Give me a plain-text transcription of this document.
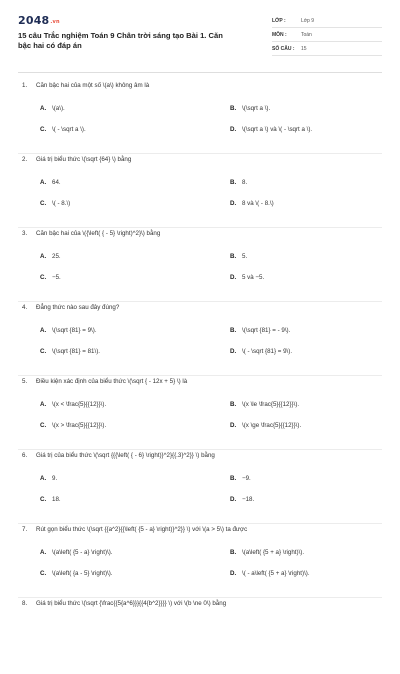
2048.vn
15 câu Trắc nghiệm Toán 9 Chân trời sáng tạo Bài 1. Căn bậc hai có đáp án
LỚP :	Lớp 9
MÔN :	Toán
SỐ CÂU : 15
1. Căn bậc hai của một số \(a\) không âm là
A. \(a\).	B. \(\sqrt a \).
C. \( - \sqrt a \).	D. \(\sqrt a \) và \( - \sqrt a \).
2. Giá trị biểu thức \(\sqrt {64} \) bằng
A. 64.	B. 8.
C. \( - 8.\)	D. 8 và \( - 8.\)
3. Căn bậc hai của \({\left( { - 5} \right)^2}\) bằng
A. 25.	B. 5.
C. −5.	D. 5 và −5.
4. Đẳng thức nào sau đây đúng?
A. \(\sqrt {81} = 9\).	B. \(\sqrt {81} = - 9\).
C. \(\sqrt {81} = 81\).	D. \( - \sqrt {81} = 9\).
5. Điều kiện xác định của biểu thức \(\sqrt { - 12x + 5} \) là
A. \(x < \frac{5}{{12}}\).	B. \(x \le \frac{5}{{12}}\).
C. \(x > \frac{5}{{12}}\).	D. \(x \ge \frac{5}{{12}}\).
6. Giá trị của biểu thức \(\sqrt {{{\left( { - 6} \right)}^2}{{.3}^2}} \) bằng
A. 9.	B. −9.
C. 18.	D. −18.
7. Rút gọn biểu thức \(\sqrt {{a^2}{{\left( {5 - a} \right)}^2}} \) với \(a > 5\) ta được
A. \(a\left( {5 - a} \right)\).	B. \(a\left( {5 + a} \right)\).
C. \(a\left( {a - 5} \right)\).	D. \( - a\left( {5 + a} \right)\).
8. Giá trị biểu thức \(\sqrt {\frac{{5{a^6}}}{{4{b^2}}}} \) với \(b \ne 0\) bằng
